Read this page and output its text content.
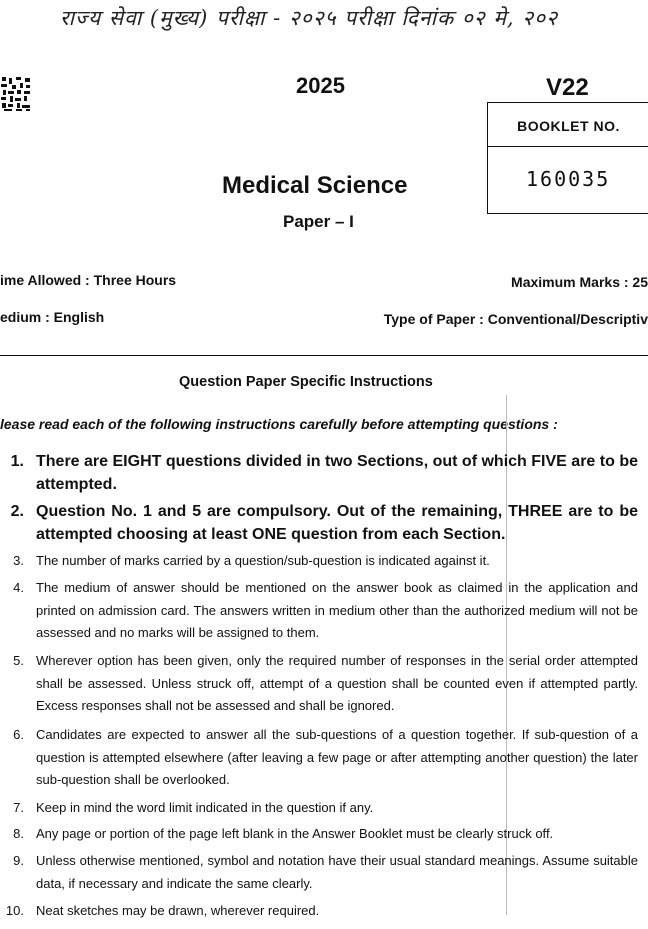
राज्य सेवा (मुख्य) परीक्षा - २०२५ परीक्षा दिनांक ०२ मे, २०२
2025	V22
BOOKLET NO.
160035
Medical Science
Paper – I
ime Allowed : Three Hours	Maximum Marks : 25
edium : English	Type of Paper : Conventional/Descriptiv
Question Paper Specific Instructions
lease read each of the following instructions carefully before attempting questions :
1. There are EIGHT questions divided in two Sections, out of which FIVE are to be attempted.
2. Question No. 1 and 5 are compulsory. Out of the remaining, THREE are to be attempted choosing at least ONE question from each Section.
3. The number of marks carried by a question/sub-question is indicated against it.
4. The medium of answer should be mentioned on the answer book as claimed in the application and printed on admission card. The answers written in medium other than the authorized medium will not be assessed and no marks will be assigned to them.
5. Wherever option has been given, only the required number of responses in the serial order attempted shall be assessed. Unless struck off, attempt of a question shall be counted even if attempted partly. Excess responses shall not be assessed and shall be ignored.
6. Candidates are expected to answer all the sub-questions of a question together. If sub-question of a question is attempted elsewhere (after leaving a few page or after attempting another question) the later sub-question shall be overlooked.
7. Keep in mind the word limit indicated in the question if any.
8. Any page or portion of the page left blank in the Answer Booklet must be clearly struck off.
9. Unless otherwise mentioned, symbol and notation have their usual standard meanings. Assume suitable data, if necessary and indicate the same clearly.
10. Neat sketches may be drawn, wherever required.
